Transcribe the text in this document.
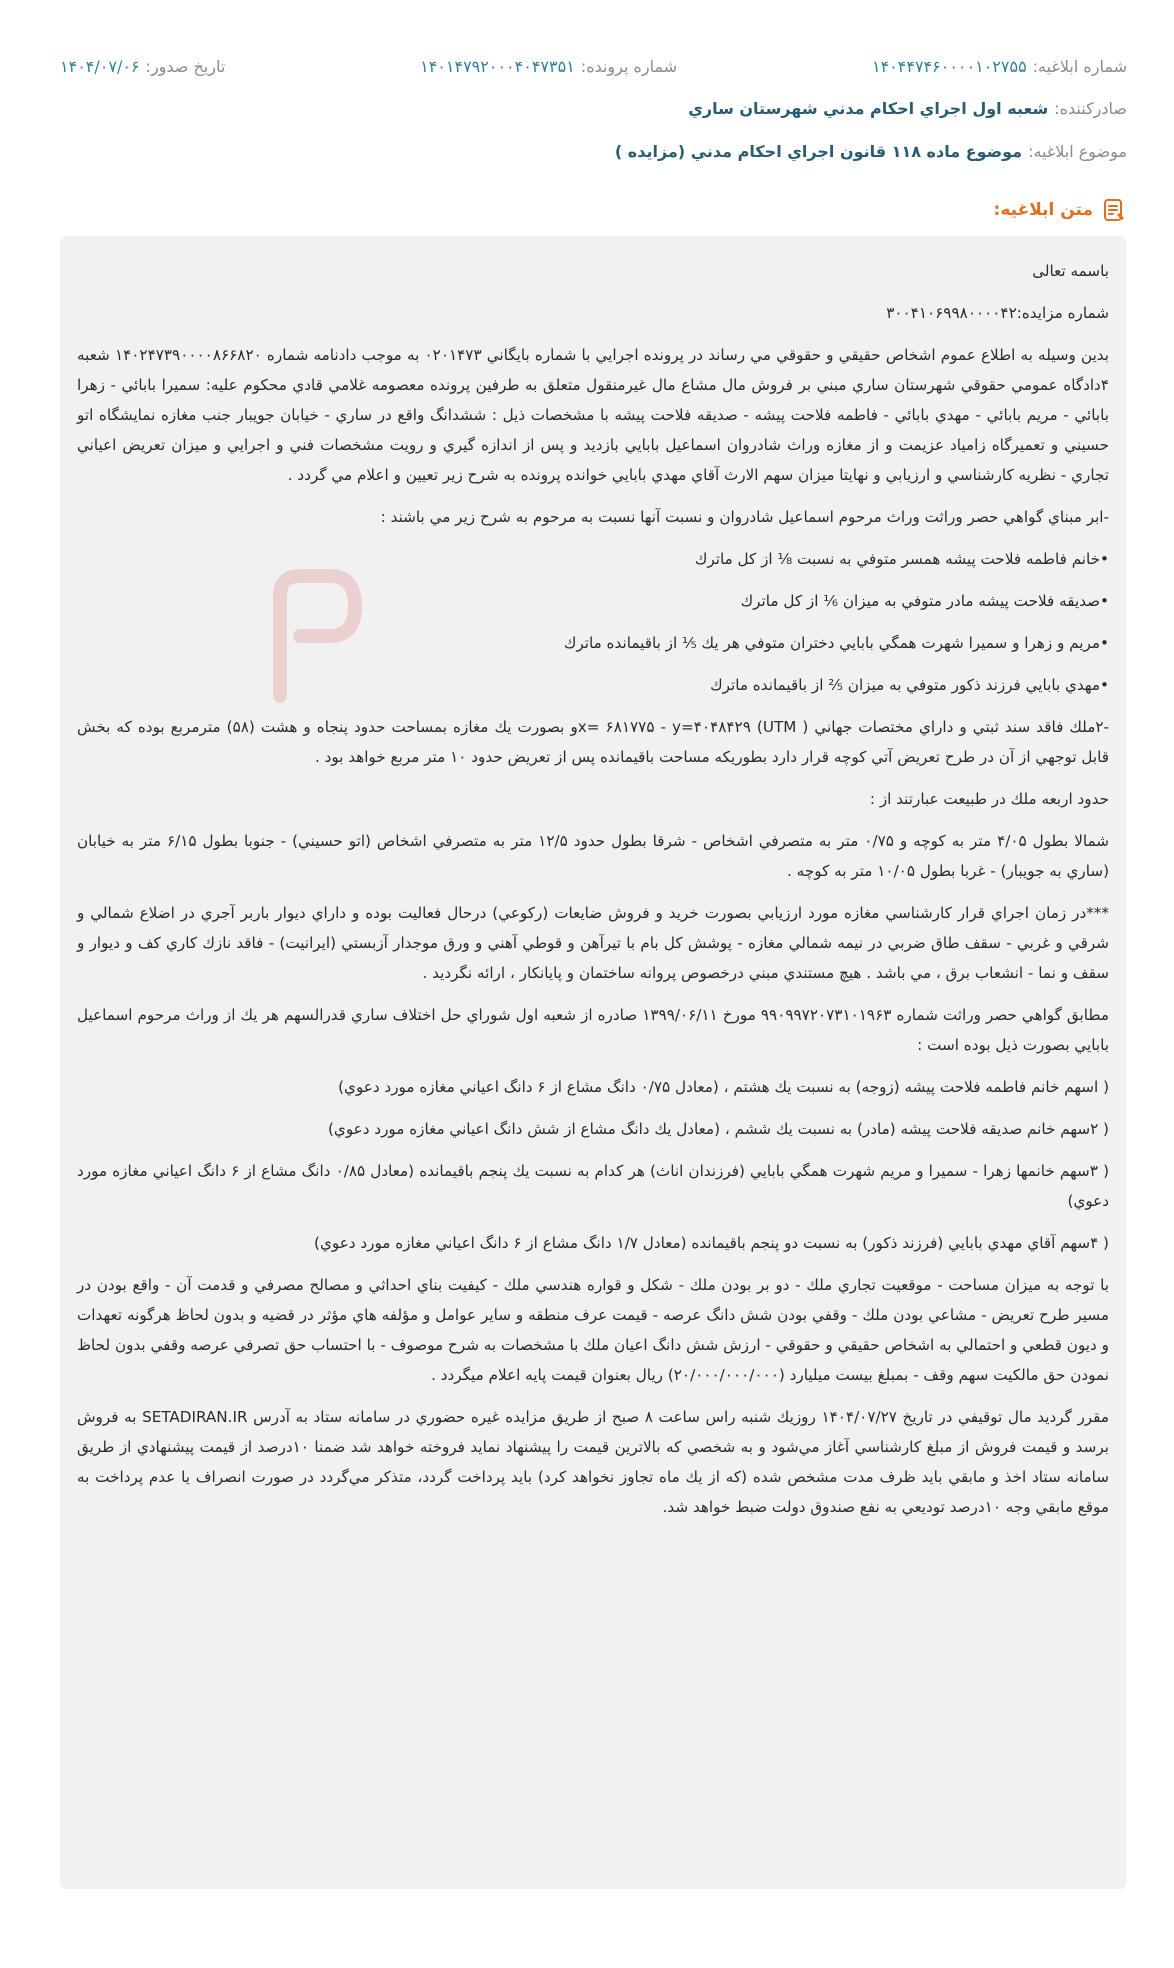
شماره ابلاغیه:
۱۴۰۴۴۷۴۶۰۰۰۰۱۰۲۷۵۵
شماره پرونده:
۱۴۰۱۴۷۹۲۰۰۰۴۰۴۷۳۵۱
تاریخ صدور:
۱۴۰۴/۰۷/۰۶
صادرکننده:
شعبه اول اجراي احكام مدني شهرستان ساري
موضوع ابلاغیه:
موضوع ماده ۱۱۸ قانون اجراي احكام مدني (مزايده )
متن ابلاغیه:

باسمه تعالی

شماره مزایده:۳۰۰۴۱۰۶۹۹۸۰۰۰۰۴۲

بدين وسيله به اطلاع عموم اشخاص حقيقي و حقوقي مي رساند در پرونده اجرايي با شماره بايگاني ۰۲۰۱۴۷۳ به موجب دادنامه شماره ۱۴۰۲۴۷۳۹۰۰۰۰۸۶۶۸۲۰ شعبه ۴دادگاه عمومي حقوقي شهرستان ساري مبني بر فروش مال مشاع مال غيرمنقول متعلق به طرفين پرونده معصومه غلامي قادي محكوم عليه: سميرا بابائي - زهرا بابائي - مريم بابائي - مهدي بابائي - فاطمه فلاحت پيشه - صديقه فلاحت پيشه با مشخصات ذيل : ششدانگ واقع در ساري - خيابان جويبار جنب مغازه نمايشگاه اتو حسيني و تعميرگاه زامياد عزيمت و از مغازه وراث شادروان اسماعيل بابايي بازديد و پس از اندازه گيري و رويت مشخصات فني و اجرايي و ميزان تعريض اعياني تجاري - نظريه كارشناسي و ارزيابي و نهايتا ميزان سهم الارث آقاي مهدي بابايي خوانده پرونده به شرح زير تعيين و اعلام مي گردد .

-ابر مبناي گواهي حصر وراثت وراث مرحوم اسماعيل شادروان و نسبت آنها نسبت به مرحوم به شرح زير مي باشند :

•خانم فاطمه فلاحت پيشه همسر متوفي به نسبت ⅛ از كل ماترك

•صديقه فلاحت پيشه مادر متوفي به ميزان ⅙ از كل ماترك

•مريم و زهرا و سميرا شهرت همگي بابايي دختران متوفي هر يك ⅕ از باقيمانده ماترك

•مهدي بابايي فرزند ذكور متوفي به ميزان ⅖ از باقيمانده ماترك

-۲ملك فاقد سند ثبتي و داراي مختصات جهاني ( UTM) x= ۶۸۱۷۷۵ - y=۴۰۴۸۴۲۹و بصورت يك مغازه بمساحت حدود پنجاه و هشت (۵۸) مترمربع بوده كه بخش قابل توجهي از آن در طرح تعريض آتي كوچه قرار دارد بطوريكه مساحت باقيمانده پس از تعريض حدود ۱۰ متر مربع خواهد بود .

حدود اربعه ملك در طبيعت عبارتند از :

شمالا بطول ۴/۰۵ متر به كوچه و ۰/۷۵ متر به متصرفي اشخاص - شرقا بطول حدود ۱۲/۵ متر به متصرفي اشخاص (اتو حسيني) - جنوبا بطول ۶/۱۵ متر به خيابان (ساري به جويبار) - غربا بطول ۱۰/۰۵ متر به كوچه .

***در زمان اجراي قرار كارشناسي مغازه مورد ارزيابي بصورت خريد و فروش ضايعات (ركوعي) درحال فعاليت بوده و داراي ديوار باربر آجري در اضلاع شمالي و شرقي و غربي - سقف طاق ضربي در نيمه شمالي مغازه - پوشش كل بام با تيرآهن و قوطي آهني و ورق موجدار آزبستي (ايرانيت) - فاقد نازك كاري كف و ديوار و سقف و نما - انشعاب برق ، مي باشد . هيچ مستندي مبني درخصوص پروانه ساختمان و پايانكار ، ارائه نگرديد .

مطابق گواهي حصر وراثت شماره ۹۹۰۹۹۷۲۰۷۳۱۰۱۹۶۳ مورخ ۱۳۹۹/۰۶/۱۱ صادره از شعبه اول شوراي حل اختلاف ساري قدرالسهم هر يك از وراث مرحوم اسماعيل بابايي بصورت ذيل بوده است :

( اسهم خانم فاطمه فلاحت پيشه (زوجه) به نسبت يك هشتم ، (معادل ۰/۷۵ دانگ مشاع از ۶ دانگ اعياني مغازه مورد دعوي)

( ۲سهم خانم صديقه فلاحت پيشه (مادر) به نسبت يك ششم ، (معادل يك دانگ مشاع از شش دانگ اعياني مغازه مورد دعوي)

( ۳سهم خانمها زهرا - سميرا و مريم شهرت همگي بابايي (فرزندان اناث) هر كدام به نسبت يك پنجم باقيمانده (معادل ۰/۸۵ دانگ مشاع از ۶ دانگ اعياني مغازه مورد دعوي)

( ۴سهم آقاي مهدي بابايي (فرزند ذكور) به نسبت دو پنجم باقيمانده (معادل ۱/۷ دانگ مشاع از ۶ دانگ اعياني مغازه مورد دعوي)

با توجه به ميزان مساحت - موقعيت تجاري ملك - دو بر بودن ملك - شكل و قواره هندسي ملك - كيفيت بناي احداثي و مصالح مصرفي و قدمت آن - واقع بودن در مسير طرح تعريض - مشاعي بودن ملك - وقفي بودن شش دانگ عرصه - قيمت عرف منطقه و ساير عوامل و مؤلفه هاي مؤثر در قضيه و بدون لحاظ هرگونه تعهدات و ديون قطعي و احتمالي به اشخاص حقيقي و حقوقي - ارزش شش دانگ اعيان ملك با مشخصات به شرح موصوف - با احتساب حق تصرفي عرصه وقفي بدون لحاظ نمودن حق مالكيت سهم وقف - بمبلغ بيست ميليارد (۲۰/۰۰۰/۰۰۰/۰۰۰) ريال بعنوان قيمت پايه اعلام ميگردد .

مقرر گرديد مال توقيفي در تاريخ ۱۴۰۴/۰۷/۲۷ روزيك شنبه راس ساعت ۸ صبح از طريق مزايده غيره حضوري در سامانه ستاد به آدرس SETADIRAN.IR به فروش برسد و قيمت فروش از مبلغ كارشناسي آغاز مي‌شود و به شخصي كه بالاترين قيمت را پيشنهاد نمايد فروخته خواهد شد ضمنا ۱۰درصد از قيمت پيشنهادي از طريق سامانه ستاد اخذ و مابقي بايد ظرف مدت مشخص شده (كه از يك ماه تجاوز نخواهد كرد) بايد پرداخت گردد، متذكر مي‌گردد در صورت انصراف يا عدم پرداخت به موقع مابقي وجه ۱۰درصد توديعي به نفع صندوق دولت ضبط خواهد شد.
